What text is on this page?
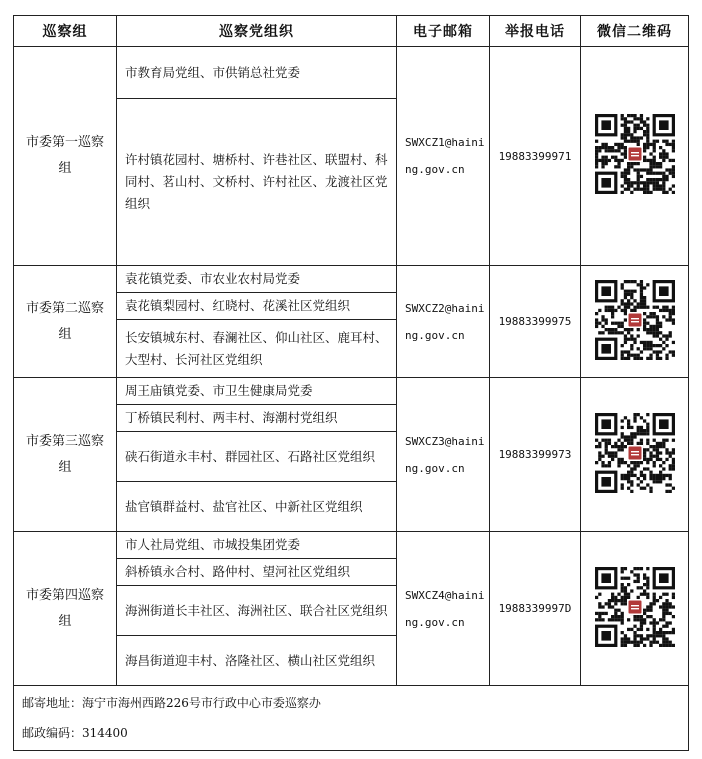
巡察组	巡察党组织	电子邮箱	举报电话	微信二维码
市委第一巡察组	市教育局党组、市供销总社党委	SWXCZ1@haining.gov.cn	19883399971	
	许村镇花园村、塘桥村、许巷社区、联盟村、科同村、茗山村、文桥村、许村社区、龙渡社区党组织			
市委第二巡察组	袁花镇党委、市农业农村局党委	SWXCZ2@haining.gov.cn	19883399975	
	袁花镇梨园村、红晓村、花溪社区党组织			
	长安镇城东村、春澜社区、仰山社区、鹿耳村、大型村、长河社区党组织			
市委第三巡察组	周王庙镇党委、市卫生健康局党委	SWXCZ3@haining.gov.cn	19883399973	
	丁桥镇民利村、两丰村、海潮村党组织			
	硖石街道永丰村、群园社区、石路社区党组织			
	盐官镇群益村、盐官社区、中新社区党组织			
市委第四巡察组	市人社局党组、市城投集团党委	SWXCZ4@haining.gov.cn	1988339997D	
	斜桥镇永合村、路仲村、望河社区党组织			
	海洲街道长丰社区、海洲社区、联合社区党组织			
	海昌街道迎丰村、洛隆社区、横山社区党组织			

邮寄地址：海宁市海州西路226号市行政中心市委巡察办
邮政编码：314400				
